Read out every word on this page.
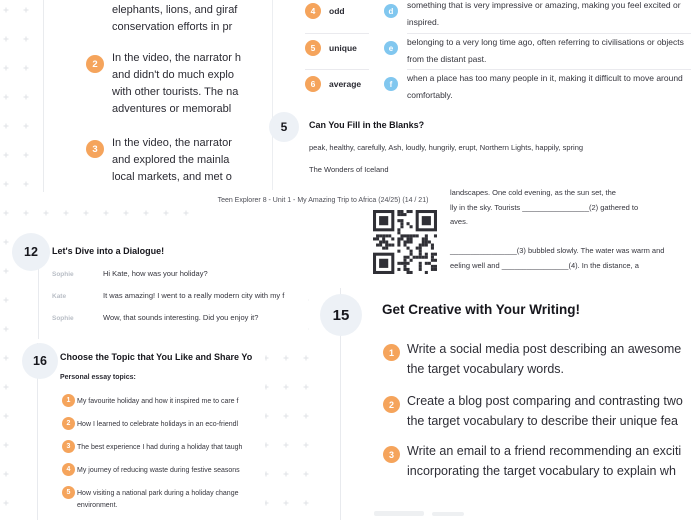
elephants, lions, and giraf
conservation efforts in pr
2	In the video, the narrator h
and didn't do much explo
with other tourists. The na
adventures or memorabl
3	In the video, the narrator
and explored the mainla
local markets, and met o
4	odd	d
something that is very impressive or amazing, making you feel excited or inspired.
5	unique	e
belonging to a very long time ago, often referring to civilisations or objects from the distant past.
6	average	f
when a place has too many people in it, making it difficult to move around comfortably.
5	Can You Fill in the Blanks?
peak, healthy, carefully, Ash, loudly, hungrily, erupt, Northern Lights, happily, spring
The Wonders of Iceland
landscapes. One cold evening, as the sun set, the
lly in the sky. Tourists ________________(2) gathered to
aves.

________________(3) bubbled slowly. The water was warm and
eeling well and ________________(4). In the distance, a
Teen Explorer 8 - Unit 1 - My Amazing Trip to Africa (24/25) (14 / 21)
12	Let's Dive into a Dialogue!
Sophie	Hi Kate, how was your holiday?
Kate	It was amazing! I went to a really modern city with my f
Sophie	Wow, that sounds interesting. Did you enjoy it?
16	Choose the Topic that You Like and Share Yo
Personal essay topics:
1 My favourite holiday and how it inspired me to care f
2 How I learned to celebrate holidays in an eco-friendl
3 The best experience I had during a holiday that taugh
4 My journey of reducing waste during festive seasons
5 How visiting a national park during a holiday change
environment.
15	Get Creative with Your Writing!
1	Write a social media post describing an awesome
the target vocabulary words.
2	Create a blog post comparing and contrasting two
the target vocabulary to describe their unique fea
3	Write an email to a friend recommending an exciti
incorporating the target vocabulary to explain wh
